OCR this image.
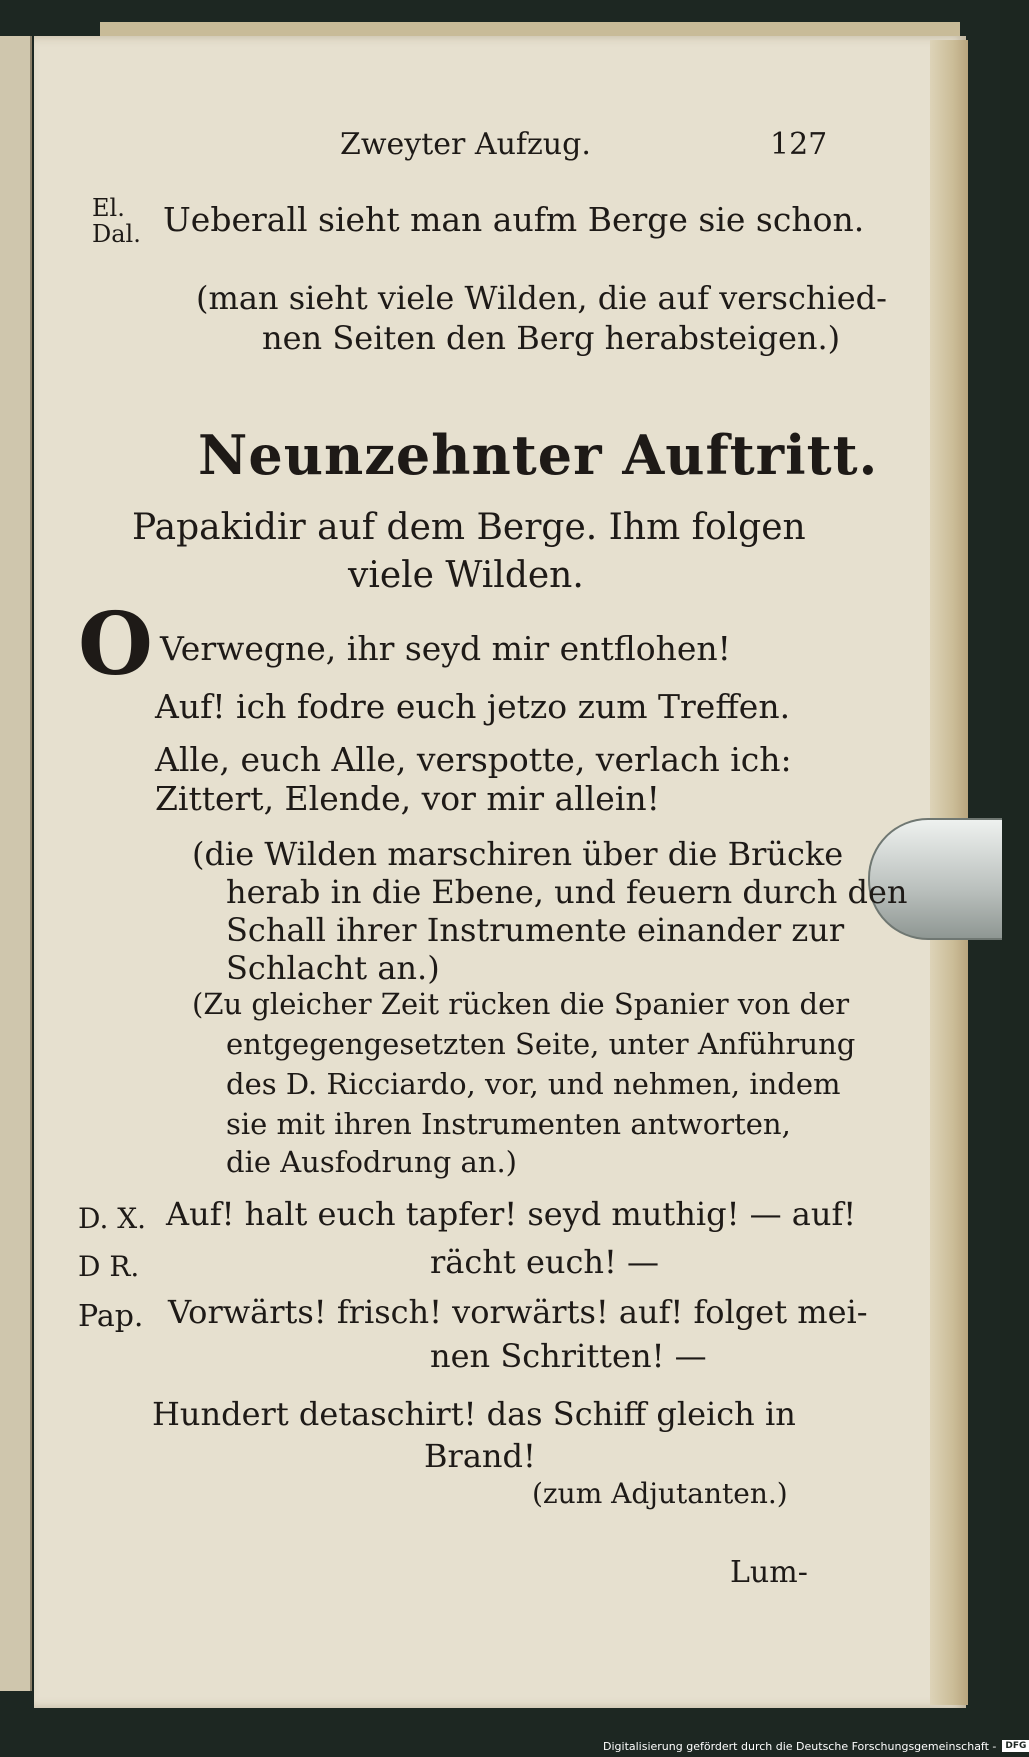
Zweyter Aufzug.	127
El.
Dal. Ueberall sieht man aufm Berge sie schon.
(man sieht viele Wilden, die auf verschied-
nen Seiten den Berg herabsteigen.)
Neunzehnter Auftritt.
Papakidir auf dem Berge. Ihm folgen
viele Wilden.
O Verwegne, ihr seyd mir entflohen!
Auf! ich fodre euch jetzo zum Treffen.
Alle, euch Alle, verspotte, verlach ich:
Zittert, Elende, vor mir allein!
(die Wilden marschiren über die Brücke
herab in die Ebene, und feuern durch den
Schall ihrer Instrumente einander zur
Schlacht an.)
(Zu gleicher Zeit rücken die Spanier von der
entgegengesetzten Seite, unter Anführung
des D. Ricciardo, vor, und nehmen, indem
sie mit ihren Instrumenten antworten,
die Ausfodrung an.)
D. X. Auf! halt euch tapfer! seyd muthig! — auf!
D R.	rächt euch! —
Pap. Vorwärts! frisch! vorwärts! auf! folget mei-
nen Schritten! —
Hundert detaschirt! das Schiff gleich in
Brand!
(zum Adjutanten.)
Lum-
Digitalisierung gefördert durch die Deutsche Forschungsgemeinschaft -	DFG
